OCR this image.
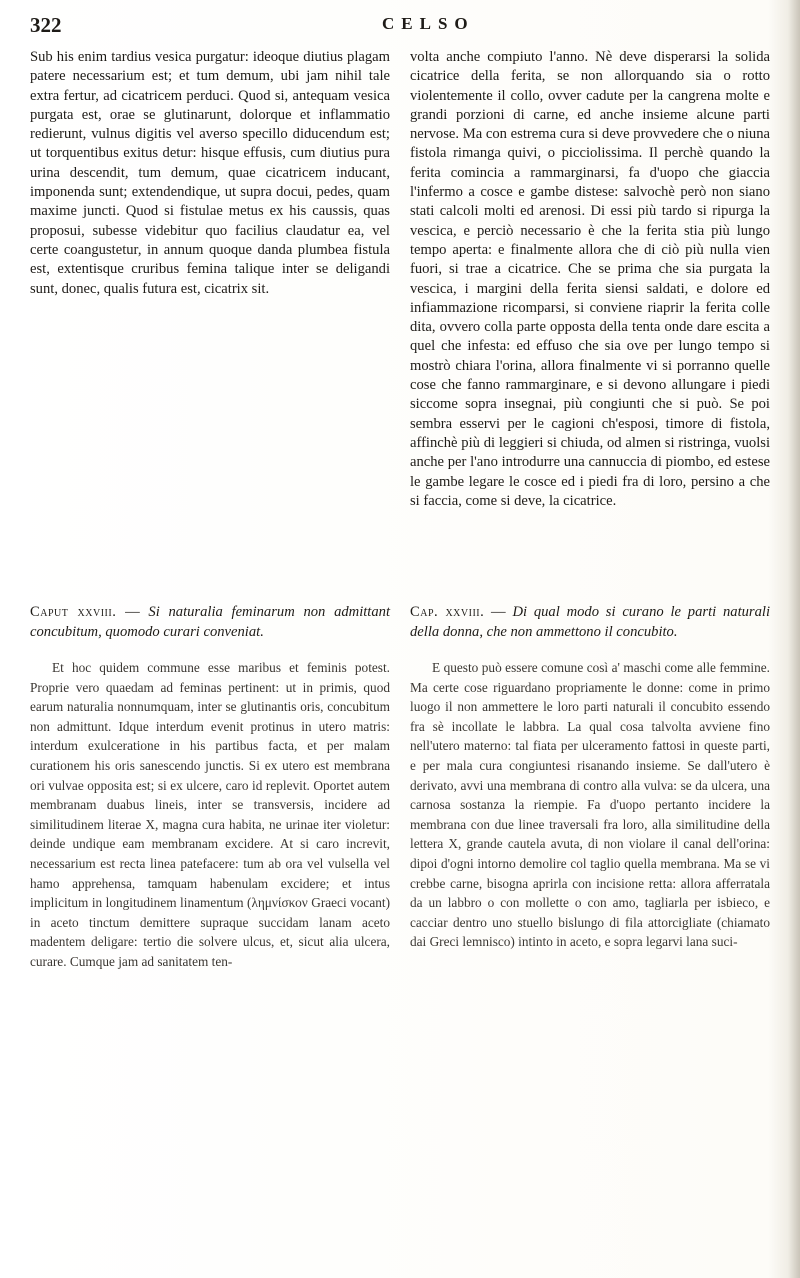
322	CELSO

Sub his enim tardius vesica purgatur: ideoque diutius plagam patere necessarium est; et tum demum, ubi jam nihil tale extra fertur, ad cicatricem perduci. Quod si, antequam vesica purgata est, orae se glutinarunt, dolorque et inflammatio redierunt, vulnus digitis vel averso specillo diducendum est; ut torquentibus exitus detur: hisque effusis, cum diutius pura urina descendit, tum demum, quae cicatricem inducant, imponenda sunt; extendendique, ut supra docui, pedes, quam maxime juncti. Quod si fistulae metus ex his caussis, quas proposui, subesse videbitur quo facilius claudatur ea, vel certe coangustetur, in annum quoque danda plumbea fistula est, extentisque cruribus femina talique inter se deligandi sunt, donec, qualis futura est, cicatrix sit.

volta anche compiuto l'anno. Nè deve disperarsi la solida cicatrice della ferita, se non allorquando sia o rotto violentemente il collo, ovver cadute per la cangrena molte e grandi porzioni di carne, ed anche insieme alcune parti nervose. Ma con estrema cura si deve provvedere che o niuna fistola rimanga quivi, o picciolissima. Il perchè quando la ferita comincia a rammarginarsi, fa d'uopo che giaccia l'infermo a cosce e gambe distese: salvochè però non siano stati calcoli molti ed arenosi. Di essi più tardo si ripurga la vescica, e perciò necessario è che la ferita stia più lungo tempo aperta: e finalmente allora che di ciò più nulla vien fuori, si trae a cicatrice. Che se prima che sia purgata la vescica, i margini della ferita siensi saldati, e dolore ed infiammazione ricomparsi, si conviene riaprir la ferita colle dita, ovvero colla parte opposta della tenta onde dare escita a quel che infesta: ed effuso che sia ove per lungo tempo si mostrò chiara l'orina, allora finalmente vi si porranno quelle cose che fanno rammarginare, e si devono allungare i piedi siccome sopra insegnai, più congiunti che si può. Se poi sembra esservi per le cagioni ch'esposi, timore di fistola, affinchè più di leggieri si chiuda, od almen si ristringa, vuolsi anche per l'ano introdurre una cannuccia di piombo, ed estese le gambe legare le cosce ed i piedi fra di loro, persino a che si faccia, come si deve, la cicatrice.

Caput xxviii. — Si naturalia feminarum non admittant concubitum, quomodo curari conveniat.
Cap. xxviii. — Di qual modo si curano le parti naturali della donna, che non ammettono il concubito.

Et hoc quidem commune esse maribus et feminis potest. Proprie vero quaedam ad feminas pertinent: ut in primis, quod earum naturalia nonnumquam, inter se glutinantis oris, concubitum non admittunt. Idque interdum evenit protinus in utero matris: interdum exulceratione in his partibus facta, et per malam curationem his oris sanescendo junctis. Si ex utero est membrana ori vulvae opposita est; si ex ulcere, caro id replevit. Oportet autem membranam duabus lineis, inter se transversis, incidere ad similitudinem literae X, magna cura habita, ne urinae iter violetur: deinde undique eam membranam excidere. At si caro increvit, necessarium est recta linea patefacere: tum ab ora vel vulsella vel hamo apprehensa, tamquam habenulam excidere; et intus implicitum in longitudinem linamentum (λημνίσκον Graeci vocant) in aceto tinctum demittere supraque succidam lanam aceto madentem deligare: tertio die solvere ulcus, et, sicut alia ulcera, curare. Cumque jam ad sanitatem ten-

E questo può essere comune così a' maschi come alle femmine. Ma certe cose riguardano propriamente le donne: come in primo luogo il non ammettere le loro parti naturali il concubito essendo fra sè incollate le labbra. La qual cosa talvolta avviene fino nell'utero materno: tal fiata per ulceramento fattosi in queste parti, e per mala cura congiuntesi risanando insieme. Se dall'utero è derivato, avvi una membrana di contro alla vulva: se da ulcera, una carnosa sostanza la riempie. Fa d'uopo pertanto incidere la membrana con due linee traversali fra loro, alla similitudine della lettera X, grande cautela avuta, di non violare il canal dell'orina: dipoi d'ogni intorno demolire col taglio quella membrana. Ma se vi crebbe carne, bisogna aprirla con incisione retta: allora afferratala da un labbro o con mollette o con amo, tagliarla per isbieco, e cacciar dentro uno stuello bislungo di fila attorcigliate (chiamato dai Greci lemnisco) intinto in aceto, e sopra legarvi lana suci-
